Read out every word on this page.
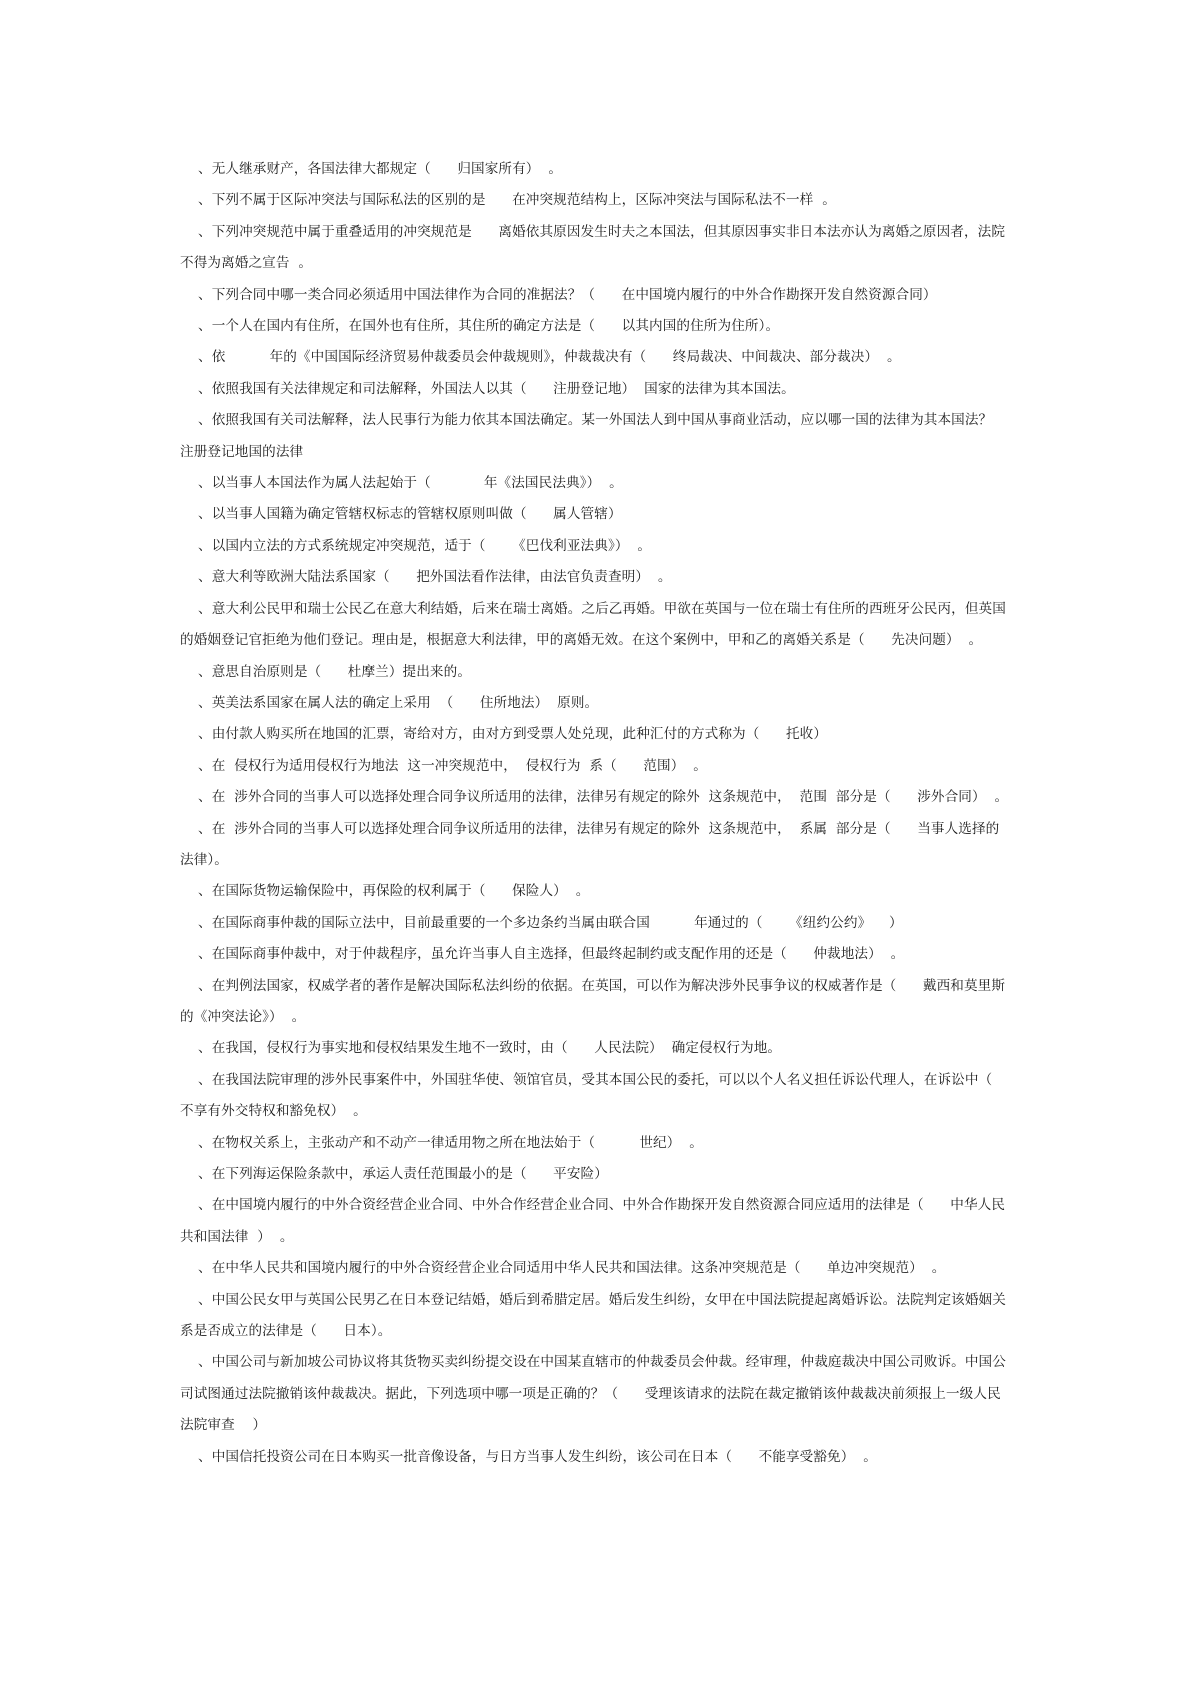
、无人继承财产，各国法律大都规定（      归国家所有）  。

、下列不属于区际冲突法与国际私法的区别的是      在冲突规范结构上，区际冲突法与国际私法不一样  。

、下列冲突规范中属于重叠适用的冲突规范是      离婚依其原因发生时夫之本国法，但其原因事实非日本法亦认为离婚之原因者，法院不得为离婚之宣告  。

、下列合同中哪一类合同必须适用中国法律作为合同的准据法？（      在中国境内履行的中外合作勘探开发自然资源合同）

、一个人在国内有住所，在国外也有住所，其住所的确定方法是（      以其内国的住所为住所）。

、依          年的《中国国际经济贸易仲裁委员会仲裁规则》，仲裁裁决有（      终局裁决、中间裁决、部分裁决）  。

、依照我国有关法律规定和司法解释，外国法人以其（      注册登记地）  国家的法律为其本国法。

、依照我国有关司法解释，法人民事行为能力依其本国法确定。某一外国法人到中国从事商业活动，应以哪一国的法律为其本国法？          注册登记地国的法律

、以当事人本国法作为属人法起始于（            年《法国民法典》）  。

、以当事人国籍为确定管辖权标志的管辖权原则叫做（      属人管辖）

、以国内立法的方式系统规定冲突规范，适于（      《巴伐利亚法典》）  。

、意大利等欧洲大陆法系国家（      把外国法看作法律，由法官负责查明）  。

、意大利公民甲和瑞士公民乙在意大利结婚，后来在瑞士离婚。之后乙再婚。甲欲在英国与一位在瑞士有住所的西班牙公民丙，但英国的婚姻登记官拒绝为他们登记。理由是，根据意大利法律，甲的离婚无效。在这个案例中，甲和乙的离婚关系是（      先决问题）  。

、意思自治原则是（      杜摩兰）提出来的。

、英美法系国家在属人法的确定上采用  （      住所地法）  原则。

、由付款人购买所在地国的汇票，寄给对方，由对方到受票人处兑现，此种汇付的方式称为（      托收）

、在  侵权行为适用侵权行为地法  这一冲突规范中，  侵权行为  系（      范围）  。

、在  涉外合同的当事人可以选择处理合同争议所适用的法律，法律另有规定的除外  这条规范中，  范围  部分是（      涉外合同）  。

、在  涉外合同的当事人可以选择处理合同争议所适用的法律，法律另有规定的除外  这条规范中，  系属  部分是（      当事人选择的法律）。

、在国际货物运输保险中，再保险的权利属于（      保险人）  。

、在国际商事仲裁的国际立法中，目前最重要的一个多边条约当属由联合国          年通过的（      《纽约公约》    ）

、在国际商事仲裁中，对于仲裁程序，虽允许当事人自主选择，但最终起制约或支配作用的还是（      仲裁地法）  。

、在判例法国家，权威学者的著作是解决国际私法纠纷的依据。在英国，可以作为解决涉外民事争议的权威著作是（      戴西和莫里斯的《冲突法论》）  。

、在我国，侵权行为事实地和侵权结果发生地不一致时，由（      人民法院）  确定侵权行为地。

、在我国法院审理的涉外民事案件中，外国驻华使、领馆官员，受其本国公民的委托，可以以个人名义担任诉讼代理人，在诉讼中（      不享有外交特权和豁免权）  。

、在物权关系上，主张动产和不动产一律适用物之所在地法始于（          世纪）  。

、在下列海运保险条款中，承运人责任范围最小的是（      平安险）

、在中国境内履行的中外合资经营企业合同、中外合作经营企业合同、中外合作勘探开发自然资源合同应适用的法律是（      中华人民共和国法律  ）  。

、在中华人民共和国境内履行的中外合资经营企业合同适用中华人民共和国法律。这条冲突规范是（      单边冲突规范）  。

、中国公民女甲与英国公民男乙在日本登记结婚，婚后到希腊定居。婚后发生纠纷，女甲在中国法院提起离婚诉讼。法院判定该婚姻关系是否成立的法律是（      日本）。

、中国公司与新加坡公司协议将其货物买卖纠纷提交设在中国某直辖市的仲裁委员会仲裁。经审理，仲裁庭裁决中国公司败诉。中国公司试图通过法院撤销该仲裁裁决。据此，下列选项中哪一项是正确的？（      受理该请求的法院在裁定撤销该仲裁裁决前须报上一级人民法院审查    ）

、中国信托投资公司在日本购买一批音像设备，与日方当事人发生纠纷，该公司在日本（      不能享受豁免）  。
